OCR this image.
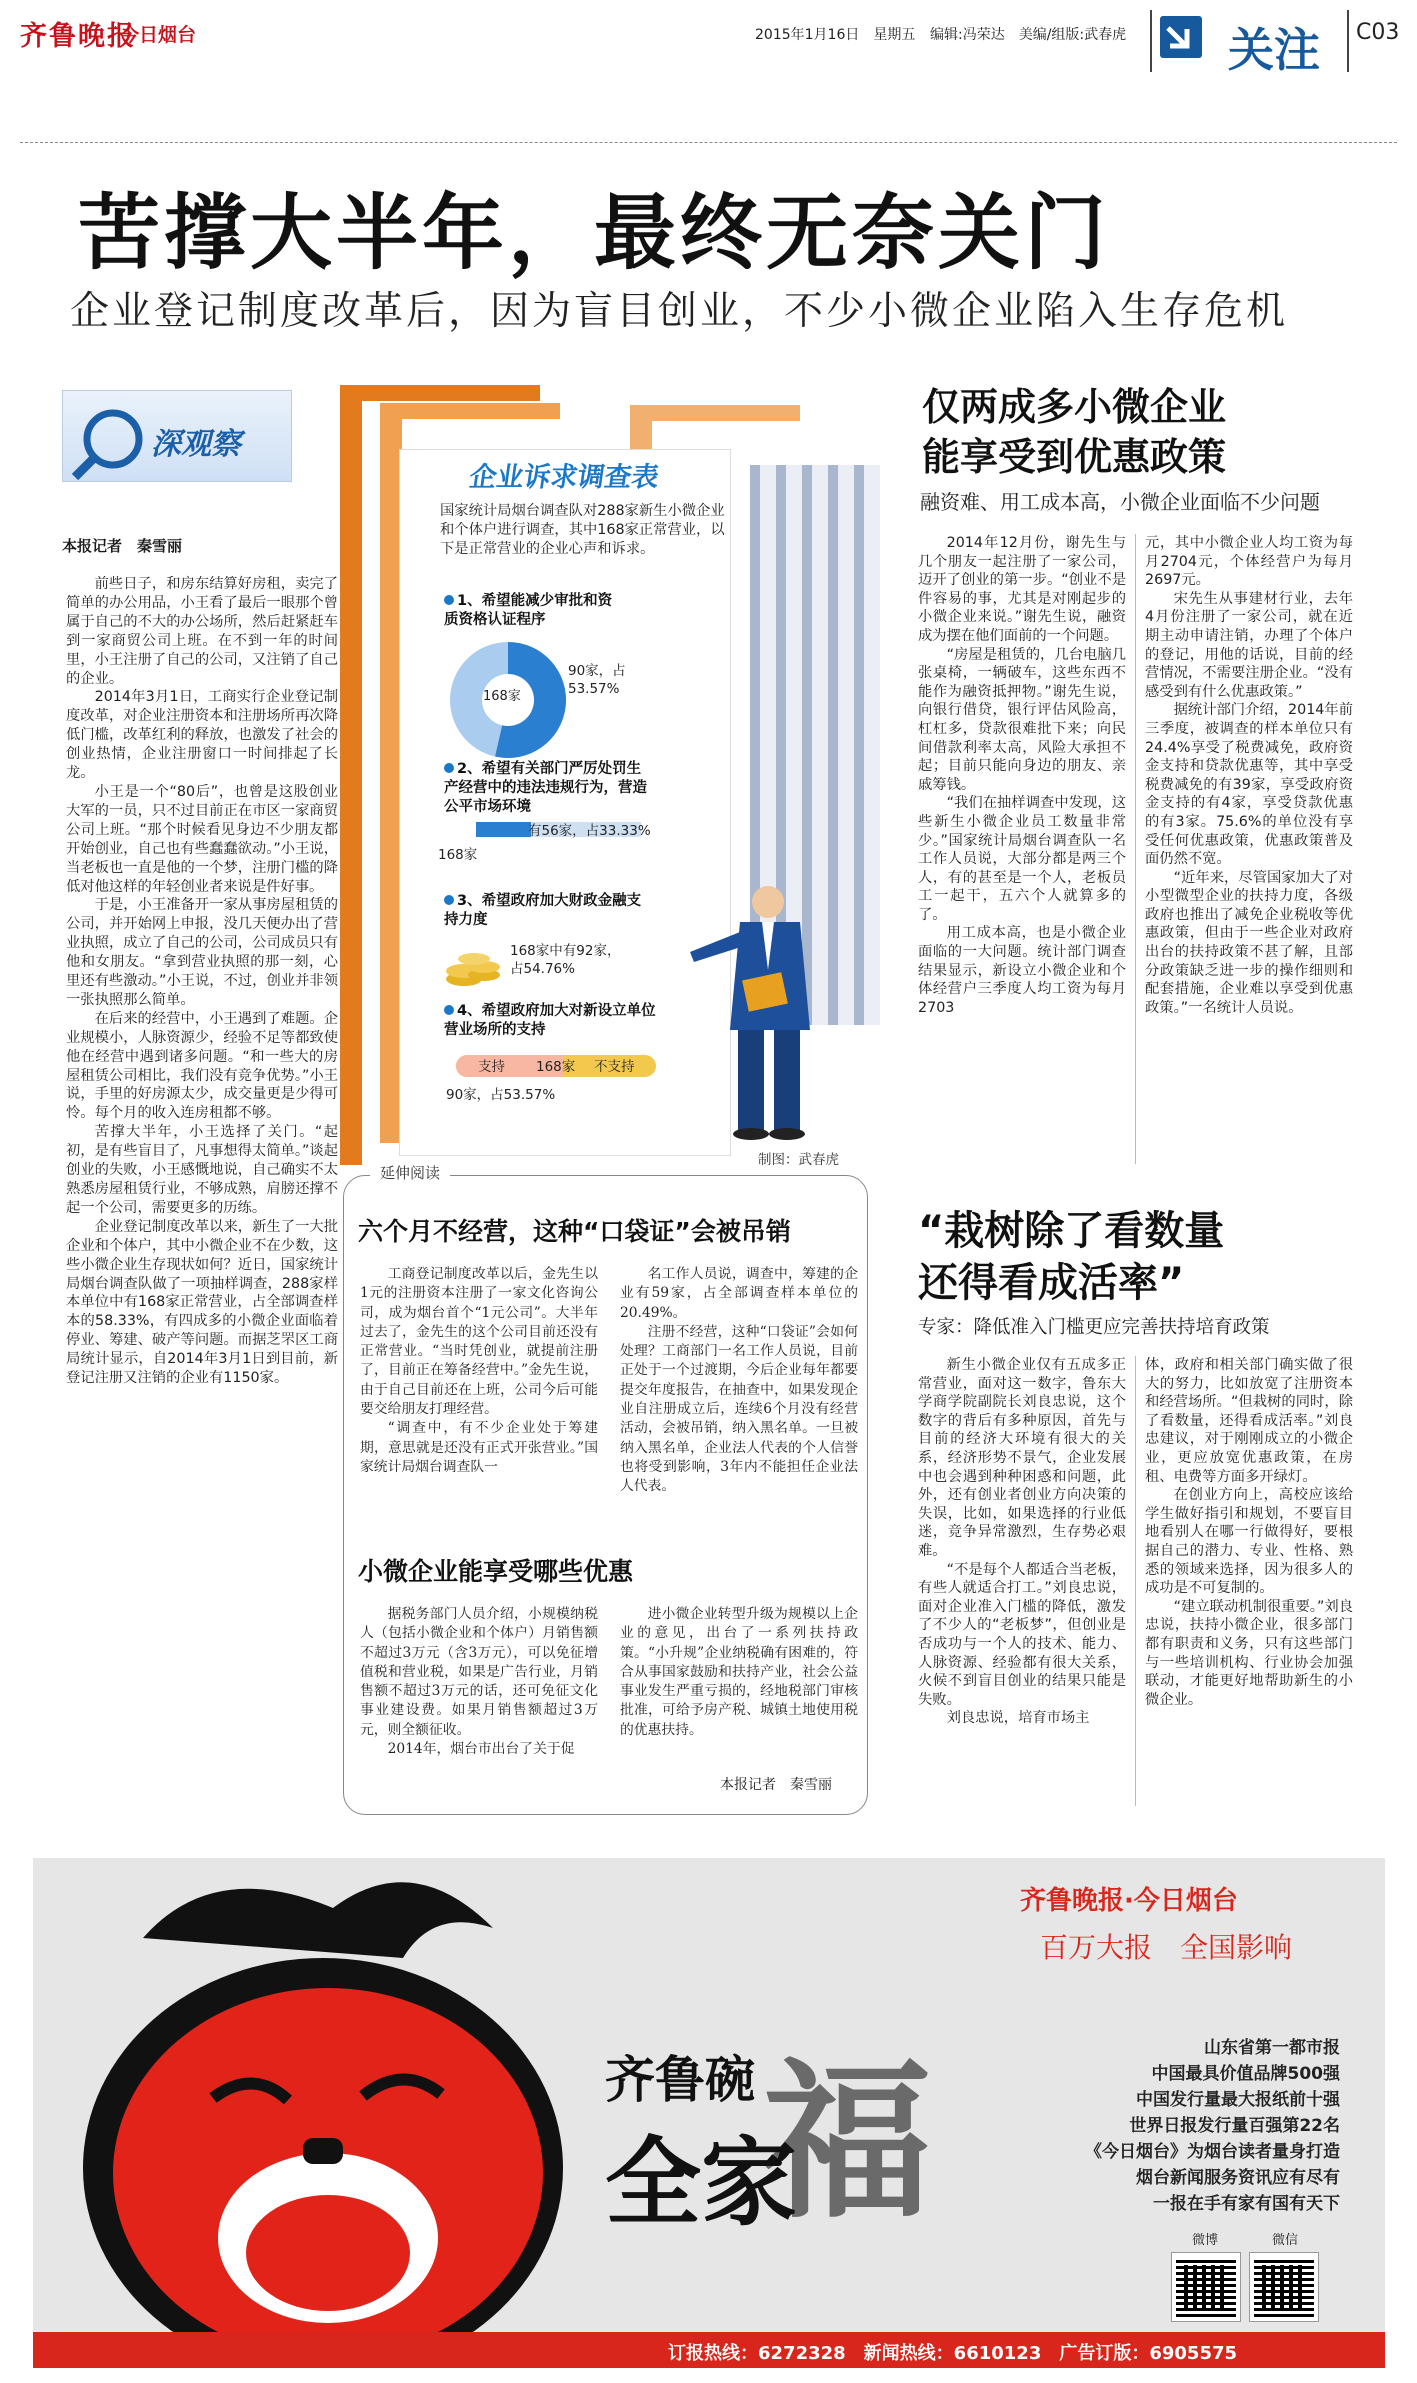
齐鲁晚报
今日烟台	2015年1月16日　星期五 编辑:冯荣达　美编/组版:武春虎 关注 C03
苦撑大半年，最终无奈关门
企业登记制度改革后，因为盲目创业，不少小微企业陷入生存危机
深观察
本报记者　秦雪丽

前些日子，和房东结算好房租，卖完了简单的办公用品，小王看了最后一眼那个曾属于自己的不大的办公场所，然后赶紧赶车到一家商贸公司上班。在不到一年的时间里，小王注册了自己的公司，又注销了自己的企业。

2014年3月1日，工商实行企业登记制度改革，对企业注册资本和注册场所再次降低门槛，改革红利的释放，也激发了社会的创业热情，企业注册窗口一时间排起了长龙。

小王是一个“80后”，也曾是这股创业大军的一员，只不过目前正在市区一家商贸公司上班。“那个时候看见身边不少朋友都开始创业，自己也有些蠢蠢欲动。”小王说，当老板也一直是他的一个梦，注册门槛的降低对他这样的年轻创业者来说是件好事。

于是，小王准备开一家从事房屋租赁的公司，并开始网上申报，没几天便办出了营业执照，成立了自己的公司，公司成员只有他和女朋友。“拿到营业执照的那一刻，心里还有些激动。”小王说，不过，创业并非领一张执照那么简单。

在后来的经营中，小王遇到了难题。企业规模小，人脉资源少，经验不足等都致使他在经营中遇到诸多问题。“和一些大的房屋租赁公司相比，我们没有竞争优势。”小王说，手里的好房源太少，成交量更是少得可怜。每个月的收入连房租都不够。

苦撑大半年，小王选择了关门。“起初，是有些盲目了，凡事想得太简单。”谈起创业的失败，小王感慨地说，自己确实不太熟悉房屋租赁行业，不够成熟，肩膀还撑不起一个公司，需要更多的历练。

企业登记制度改革以来，新生了一大批企业和个体户，其中小微企业不在少数，这些小微企业生存现状如何？近日，国家统计局烟台调查队做了一项抽样调查，288家样本单位中有168家正常营业，占全部调查样本的58.33%，有四成多的小微企业面临着停业、筹建、破产等问题。而据芝罘区工商局统计显示，自2014年3月1日到目前，新登记注册又注销的企业有1150家。

企业诉求调查表
国家统计局烟台调查队对288家新生小微企业和个体户进行调查，其中168家正常营业，以下是正常营业的企业心声和诉求。
1、希望能减少审批和资质资格认证程序
168家
90家，占53.57%
2、希望有关部门严厉处罚生产经营中的违法违规行为，营造公平市场环境
有56家，占33.33%
168家
3、希望政府加大财政金融支持力度
168家中有92家，占54.76%
4、希望政府加大对新设立单位营业场所的支持
支持 168家 不支持
90家，占53.57%
制图：武春虎
仅两成多小微企业
能享受到优惠政策
融资难、用工成本高，小微企业面临不少问题

2014年12月份，谢先生与几个朋友一起注册了一家公司，迈开了创业的第一步。“创业不是件容易的事，尤其是对刚起步的小微企业来说。”谢先生说，融资成为摆在他们面前的一个问题。

“房屋是租赁的，几台电脑几张桌椅，一辆破车，这些东西不能作为融资抵押物。”谢先生说，向银行借贷，银行评估风险高，杠杠多，贷款很难批下来；向民间借款利率太高，风险大承担不起；目前只能向身边的朋友、亲戚筹钱。

“我们在抽样调查中发现，这些新生小微企业员工数量非常少。”国家统计局烟台调查队一名工作人员说，大部分都是两三个人，有的甚至是一个人，老板员工一起干，五六个人就算多的了。

用工成本高，也是小微企业面临的一大问题。统计部门调查结果显示，新设立小微企业和个体经营户三季度人均工资为每月2703

元，其中小微企业人均工资为每月2704元，个体经营户为每月2697元。

宋先生从事建材行业，去年4月份注册了一家公司，就在近期主动申请注销，办理了个体户的登记，用他的话说，目前的经营情况，不需要注册企业。“没有感受到有什么优惠政策。”

据统计部门介绍，2014年前三季度，被调查的样本单位只有24.4%享受了税费减免，政府资金支持和贷款优惠等，其中享受税费减免的有39家，享受政府资金支持的有4家，享受贷款优惠的有3家。75.6%的单位没有享受任何优惠政策，优惠政策普及面仍然不宽。

“近年来，尽管国家加大了对小型微型企业的扶持力度，各级政府也推出了减免企业税收等优惠政策，但由于一些企业对政府出台的扶持政策不甚了解，且部分政策缺乏进一步的操作细则和配套措施，企业难以享受到优惠政策。”一名统计人员说。

延伸阅读
六个月不经营，这种“口袋证”会被吊销

工商登记制度改革以后，金先生以1元的注册资本注册了一家文化咨询公司，成为烟台首个“1元公司”。大半年过去了，金先生的这个公司目前还没有正常营业。“当时凭创业，就提前注册了，目前正在筹备经营中。”金先生说，由于自己目前还在上班，公司今后可能要交给朋友打理经营。

“调查中，有不少企业处于筹建期，意思就是还没有正式开张营业。”国家统计局烟台调查队一

名工作人员说，调查中，筹建的企业有59家，占全部调查样本单位的20.49%。

注册不经营，这种“口袋证”会如何处理？工商部门一名工作人员说，目前正处于一个过渡期，今后企业每年都要提交年度报告，在抽查中，如果发现企业自注册成立后，连续6个月没有经营活动，会被吊销，纳入黑名单。一旦被纳入黑名单，企业法人代表的个人信誉也将受到影响，3年内不能担任企业法人代表。

小微企业能享受哪些优惠

据税务部门人员介绍，小规模纳税人（包括小微企业和个体户）月销售额不超过3万元（含3万元），可以免征增值税和营业税，如果是广告行业，月销售额不超过3万元的话，还可免征文化事业建设费。如果月销售额超过3万元，则全额征收。

2014年，烟台市出台了关于促

进小微企业转型升级为规模以上企业的意见，出台了一系列扶持政策。“小升规”企业纳税确有困难的，符合从事国家鼓励和扶持产业，社会公益事业发生严重亏损的，经地税部门审核批准，可给予房产税、城镇土地使用税的优惠扶持。

本报记者　秦雪丽
“栽树除了看数量
还得看成活率”
专家：降低准入门槛更应完善扶持培育政策

新生小微企业仅有五成多正常营业，面对这一数字，鲁东大学商学院副院长刘良忠说，这个数字的背后有多种原因，首先与目前的经济大环境有很大的关系，经济形势不景气，企业发展中也会遇到种种困惑和问题，此外，还有创业者创业方向决策的失误，比如，如果选择的行业低迷，竞争异常激烈，生存势必艰难。

“不是每个人都适合当老板，有些人就适合打工。”刘良忠说，面对企业准入门槛的降低，激发了不少人的“老板梦”，但创业是否成功与一个人的技术、能力、人脉资源、经验都有很大关系，火候不到盲目创业的结果只能是失败。

刘良忠说，培育市场主

体，政府和相关部门确实做了很大的努力，比如放宽了注册资本和经营场所。“但栽树的同时，除了看数量，还得看成活率。”刘良忠建议，对于刚刚成立的小微企业，更应放宽优惠政策，在房租、电费等方面多开绿灯。

在创业方向上，高校应该给学生做好指引和规划，不要盲目地看别人在哪一行做得好，要根据自己的潜力、专业、性格、熟悉的领域来选择，因为很多人的成功是不可复制的。

“建立联动机制很重要。”刘良忠说，扶持小微企业，很多部门都有职责和义务，只有这些部门与一些培训机构、行业协会加强联动，才能更好地帮助新生的小微企业。

齐鲁晚报·今日烟台
百万大报　全国影响
福
齐鲁碗
全家
山东省第一都市报
中国最具价值品牌500强
中国发行量最大报纸前十强
世界日报发行量百强第22名
《今日烟台》为烟台读者量身打造
烟台新闻服务资讯应有尽有
一报在手有家有国有天下
微博	微信
订报热线：6272328　新闻热线：6610123　广告订版：6905575
